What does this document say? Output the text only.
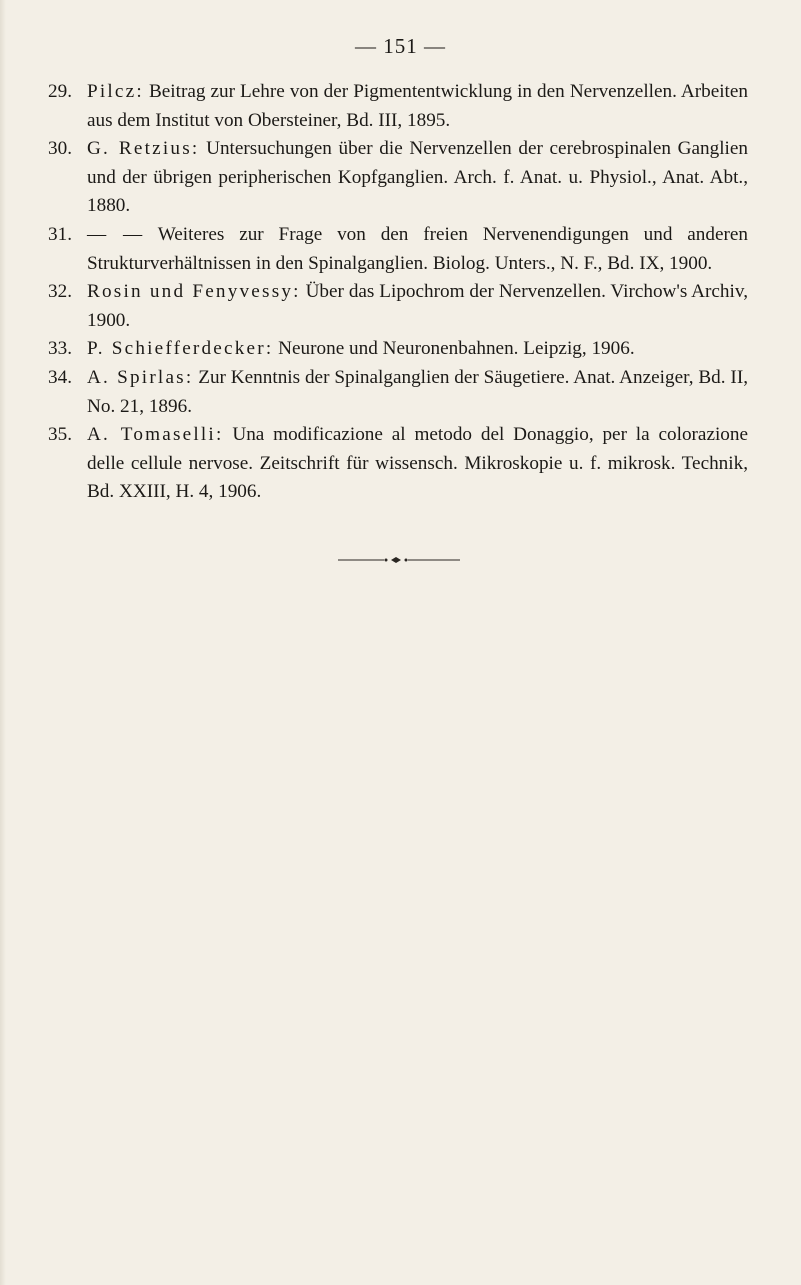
— 151 —
29. Pilcz: Beitrag zur Lehre von der Pigmententwicklung in den Nervenzellen. Arbeiten aus dem Institut von Obersteiner, Bd. III, 1895.
30. G. Retzius: Untersuchungen über die Nervenzellen der cerebrospinalen Ganglien und der übrigen peripherischen Kopfganglien. Arch. f. Anat. u. Physiol., Anat. Abt., 1880.
31. — — Weiteres zur Frage von den freien Nervenendigungen und anderen Strukturverhältnissen in den Spinalganglien. Biolog. Unters., N. F., Bd. IX, 1900.
32. Rosin und Fenyvessy: Über das Lipochrom der Nervenzellen. Virchow's Archiv, 1900.
33. P. Schiefferdecker: Neurone und Neuronenbahnen. Leipzig, 1906.
34. A. Spirlas: Zur Kenntnis der Spinalganglien der Säugetiere. Anat. Anzeiger, Bd. II, No. 21, 1896.
35. A. Tomaselli: Una modificazione al metodo del Donaggio, per la colorazione delle cellule nervose. Zeitschrift für wissensch. Mikroskopie u. f. mikrosk. Technik, Bd. XXIII, H. 4, 1906.
